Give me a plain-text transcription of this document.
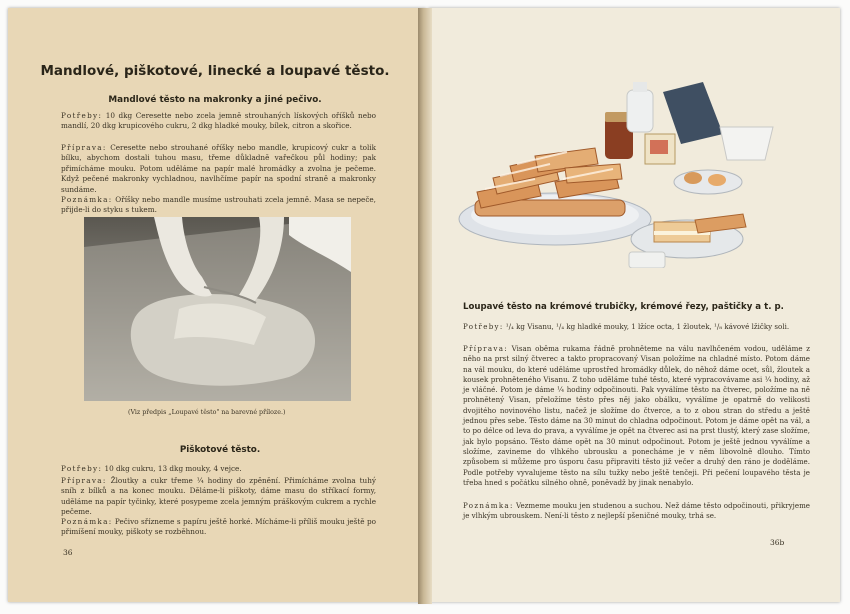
Mandlové, piškotové, linecké a loupavé těsto.
Mandlové těsto na makronky a jiné pečivo.
Potřeby: 10 dkg Ceresette nebo zcela jemně strouhaných lískových oříšků nebo mandlí, 20 dkg krupicového cukru, 2 dkg hladké mouky, bílek, citron a skořice.
Příprava: Ceresette nebo strouhané oříšky nebo mandle, krupicový cukr a tolik bílku, abychom dostali tuhou masu, třeme důkladně vařečkou půl hodiny; pak přimícháme mouku. Potom uděláme na papír malé hromádky a zvolna je pečeme. Když pečené makronky vychladnou, navlhčíme papír na spodní straně a makronky sundáme.
Poznámka: Oříšky nebo mandle musíme ustrouhati zcela jemně. Masa se nepeče, přijde-li do styku s tukem.
(Viz předpis „Loupavé těsto" na barevné příloze.)
Piškotové těsto.
Potřeby: 10 dkg cukru, 13 dkg mouky, 4 vejce.
Příprava: Žloutky a cukr třeme ¼ hodiny do zpěnění. Přimícháme zvolna tuhý sníh z bílků a na konec mouku. Děláme-li piškoty, dáme masu do stříkací formy, uděláme na papír tyčinky, které posypeme zcela jemným práškovým cukrem a rychle pečeme.
Poznámka: Pečivo sřízneme s papíru ještě horké. Mícháme-li příliš mouku ještě po přimíšení mouky, piškoty se rozběhnou.
36
Loupavé těsto na krémové trubičky, krémové řezy, paštičky a t. p.
Potřeby: ¹/₄ kg Visanu, ¹/₄ kg hladké mouky, 1 lžíce octa, 1 žloutek, ¹/₈ kávové lžičky soli.
Příprava: Visan oběma rukama řádně prohněteme na válu navlhčeném vodou, uděláme z něho na prst silný čtverec a takto propracovaný Visan položíme na chladné místo. Potom dáme na vál mouku, do které uděláme uprostřed hromádky důlek, do něhož dáme ocet, sůl, žloutek a kousek prohněteného Visanu. Z toho uděláme tuhé těsto, které vypracovávame asi ¼ hodiny, až je vláčné. Potom je dáme ¼ hodiny odpočinouti. Pak vyválíme těsto na čtverec, položíme na ně prohnětený Visan, přeložíme těsto přes něj jako obálku, vyválíme je opatrně do velikosti dvojitého novinového listu, načež je složíme do čtverce, a to z obou stran do středu a ještě jednou přes sebe. Těsto dáme na 30 minut do chladna odpočinout. Potom je dáme opět na vál, a to po délce od leva do prava, a vyválíme je opět na čtverec asi na prst tlustý, který zase složíme, jak bylo popsáno. Těsto dáme opět na 30 minut odpočinout. Potom je ještě jednou vyválíme a složíme, zavineme do vlhkého ubrousku a ponecháme je v něm libovolně dlouho. Tímto způsobem si můžeme pro úsporu času připraviti těsto již večer a druhý den ráno je doděláme. Podle potřeby vyvalujeme těsto na sílu tužky nebo ještě tenčeji. Při pečení loupavého těsta je třeba hned s počátku silného ohně, poněvadž by jinak nenabylo.
Poznámka: Vezmeme mouku jen studenou a suchou. Než dáme těsto odpočinouti, přikryjeme je vlhkým ubrouskem. Není-li těsto z nejlepší pšeničné mouky, trhá se.
36b
